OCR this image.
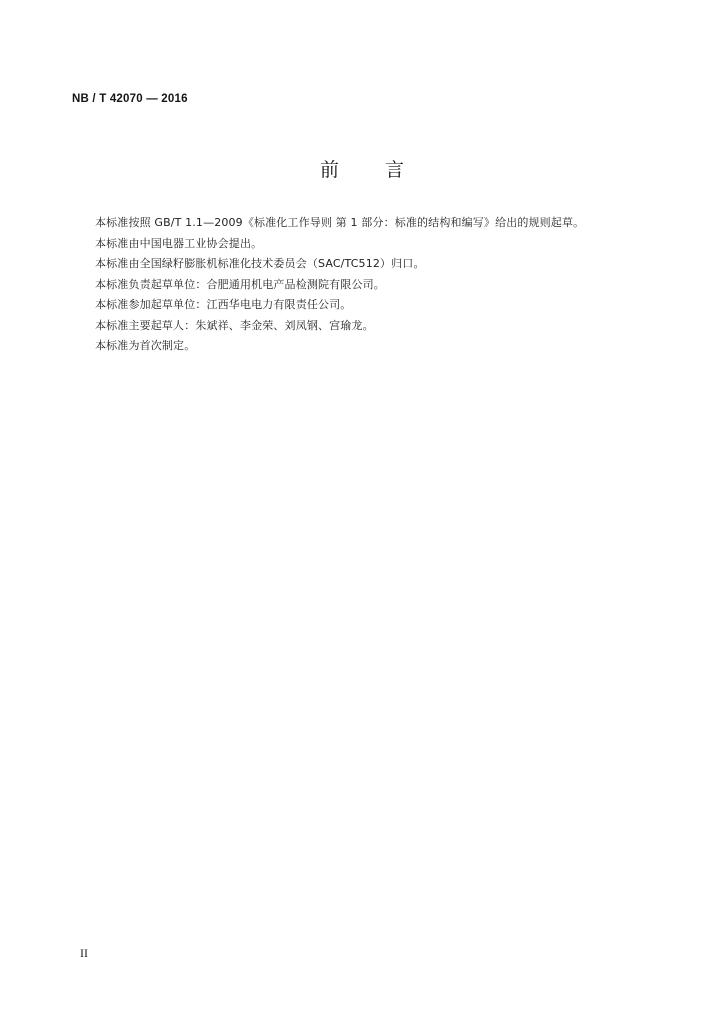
NB / T 42070 — 2016
前 言
本标准按照 GB/T 1.1—2009《标准化工作导则 第 1 部分：标准的结构和编写》给出的规则起草。
本标准由中国电器工业协会提出。
本标准由全国绿籽膨胀机标准化技术委员会（SAC/TC512）归口。
本标准负责起草单位：合肥通用机电产品检测院有限公司。
本标准参加起草单位：江西华电电力有限责任公司。
本标准主要起草人：朱斌祥、李金荣、刘凤钢、宫瑜龙。
本标准为首次制定。
II
